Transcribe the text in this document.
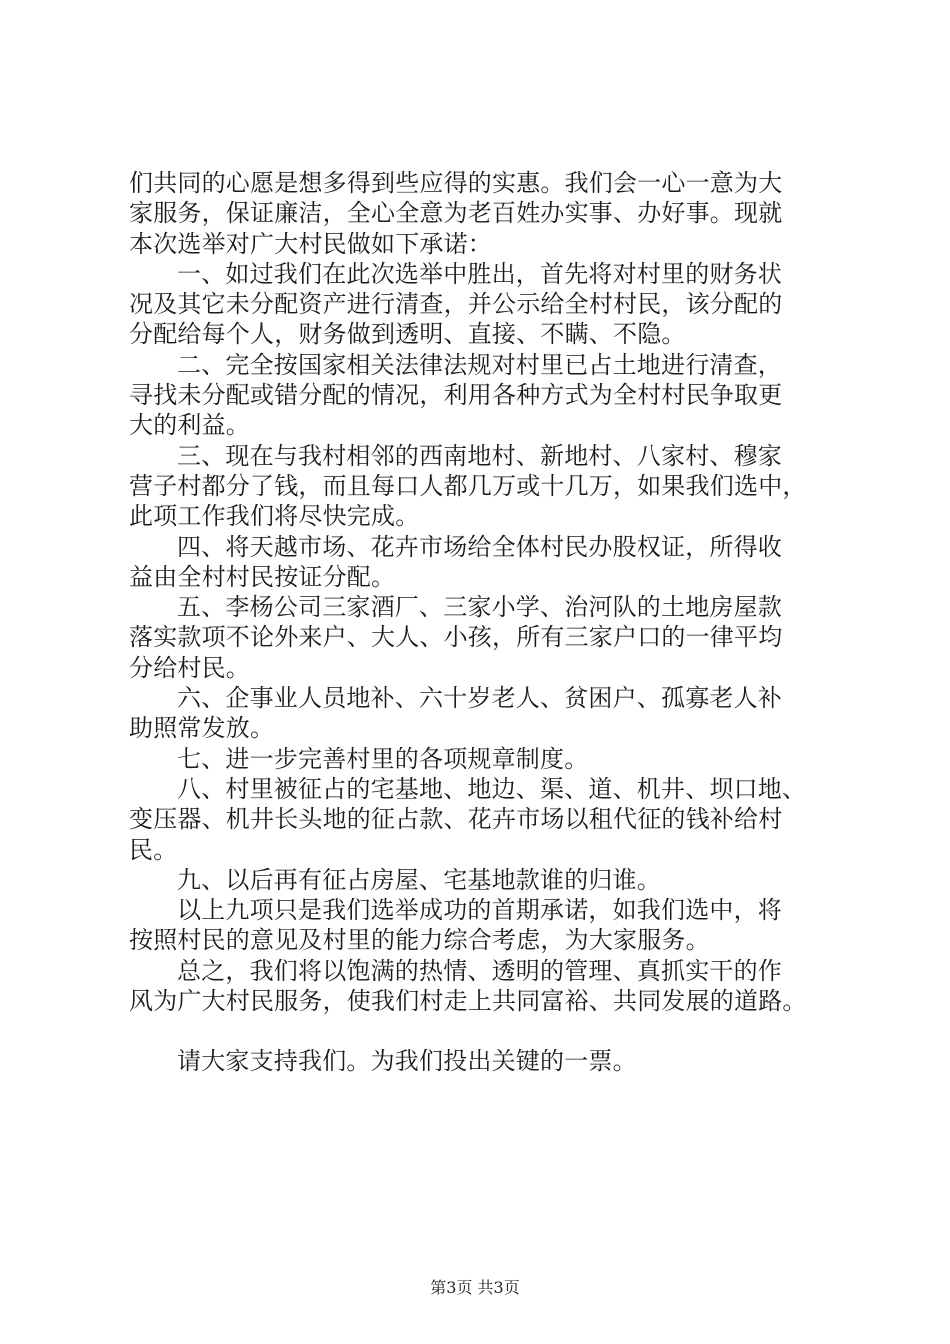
们共同的心愿是想多得到些应得的实惠。我们会一心一意为大
家服务，保证廉洁，全心全意为老百姓办实事、办好事。现就
本次选举对广大村民做如下承诺：
一、如过我们在此次选举中胜出，首先将对村里的财务状
况及其它未分配资产进行清查，并公示给全村村民，该分配的
分配给每个人，财务做到透明、直接、不瞒、不隐。
二、完全按国家相关法律法规对村里已占土地进行清查，
寻找未分配或错分配的情况，利用各种方式为全村村民争取更
大的利益。
三、现在与我村相邻的西南地村、新地村、八家村、穆家
营子村都分了钱，而且每口人都几万或十几万，如果我们选中，
此项工作我们将尽快完成。
四、将天越市场、花卉市场给全体村民办股权证，所得收
益由全村村民按证分配。
五、李杨公司三家酒厂、三家小学、治河队的土地房屋款
落实款项不论外来户、大人、小孩，所有三家户口的一律平均
分给村民。
六、企事业人员地补、六十岁老人、贫困户、孤寡老人补
助照常发放。
七、进一步完善村里的各项规章制度。
八、村里被征占的宅基地、地边、渠、道、机井、坝口地、
变压器、机井长头地的征占款、花卉市场以租代征的钱补给村
民。
九、以后再有征占房屋、宅基地款谁的归谁。
以上九项只是我们选举成功的首期承诺，如我们选中，将
按照村民的意见及村里的能力综合考虑，为大家服务。
总之，我们将以饱满的热情、透明的管理、真抓实干的作
风为广大村民服务，使我们村走上共同富裕、共同发展的道路。
请大家支持我们。为我们投出关键的一票。
第3页 共3页
